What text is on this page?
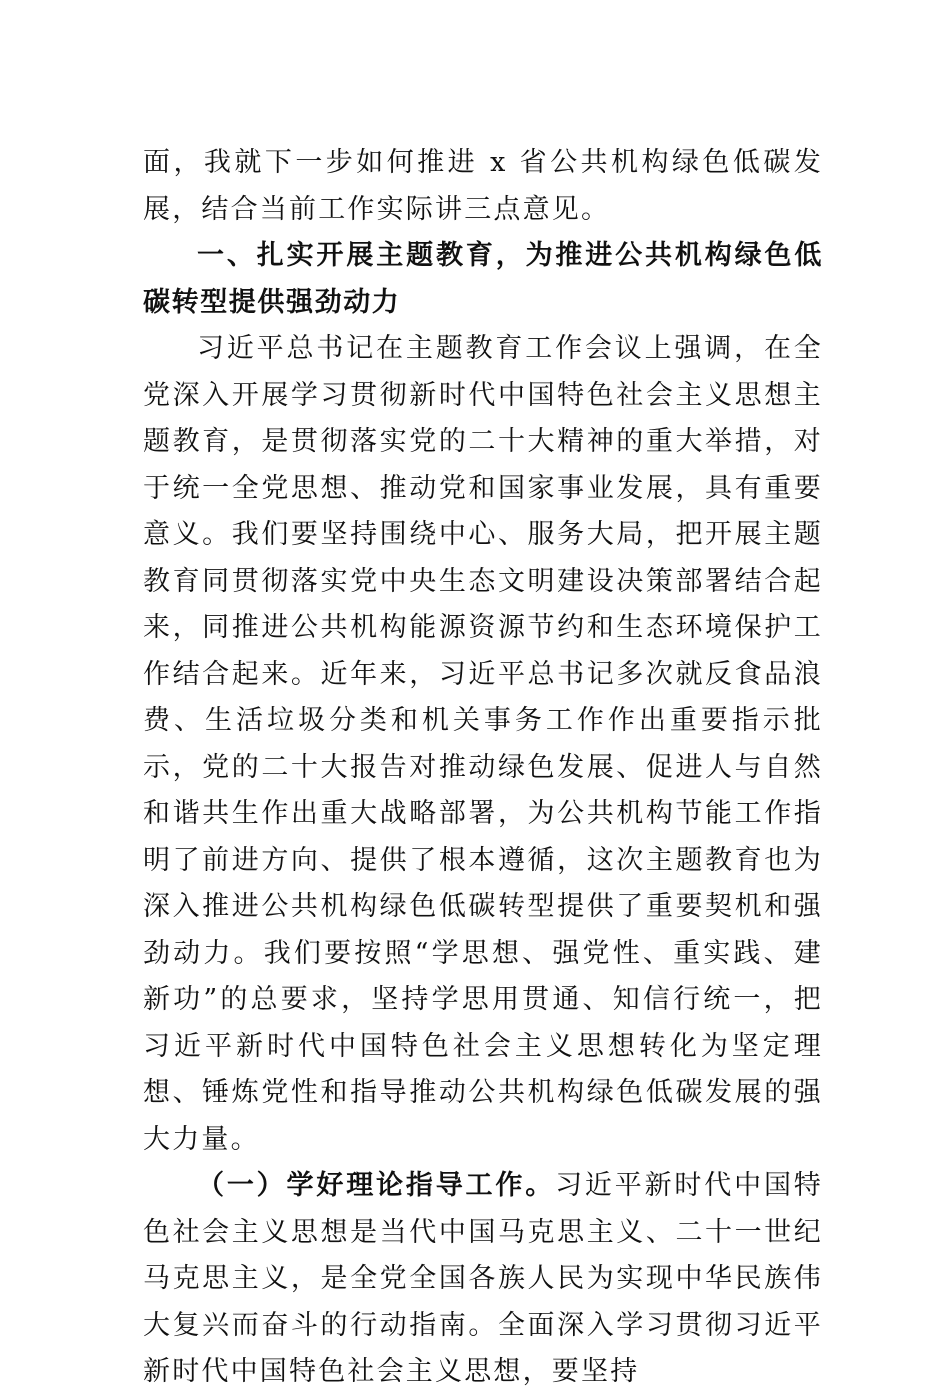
面，我就下一步如何推进 x 省公共机构绿色低碳发展，结合当前工作实际讲三点意见。

一、扎实开展主题教育，为推进公共机构绿色低碳转型提供强劲动力

习近平总书记在主题教育工作会议上强调，在全党深入开展学习贯彻新时代中国特色社会主义思想主题教育，是贯彻落实党的二十大精神的重大举措，对于统一全党思想、推动党和国家事业发展，具有重要意义。我们要坚持围绕中心、服务大局，把开展主题教育同贯彻落实党中央生态文明建设决策部署结合起来，同推进公共机构能源资源节约和生态环境保护工作结合起来。近年来，习近平总书记多次就反食品浪费、生活垃圾分类和机关事务工作作出重要指示批示，党的二十大报告对推动绿色发展、促进人与自然和谐共生作出重大战略部署，为公共机构节能工作指明了前进方向、提供了根本遵循，这次主题教育也为深入推进公共机构绿色低碳转型提供了重要契机和强劲动力。我们要按照“学思想、强党性、重实践、建新功”的总要求，坚持学思用贯通、知信行统一，把习近平新时代中国特色社会主义思想转化为坚定理想、锤炼党性和指导推动公共机构绿色低碳发展的强大力量。

（一）学好理论指导工作。习近平新时代中国特色社会主义思想是当代中国马克思主义、二十一世纪马克思主义，是全党全国各族人民为实现中华民族伟大复兴而奋斗的行动指南。全面深入学习贯彻习近平新时代中国特色社会主义思想，要坚持
